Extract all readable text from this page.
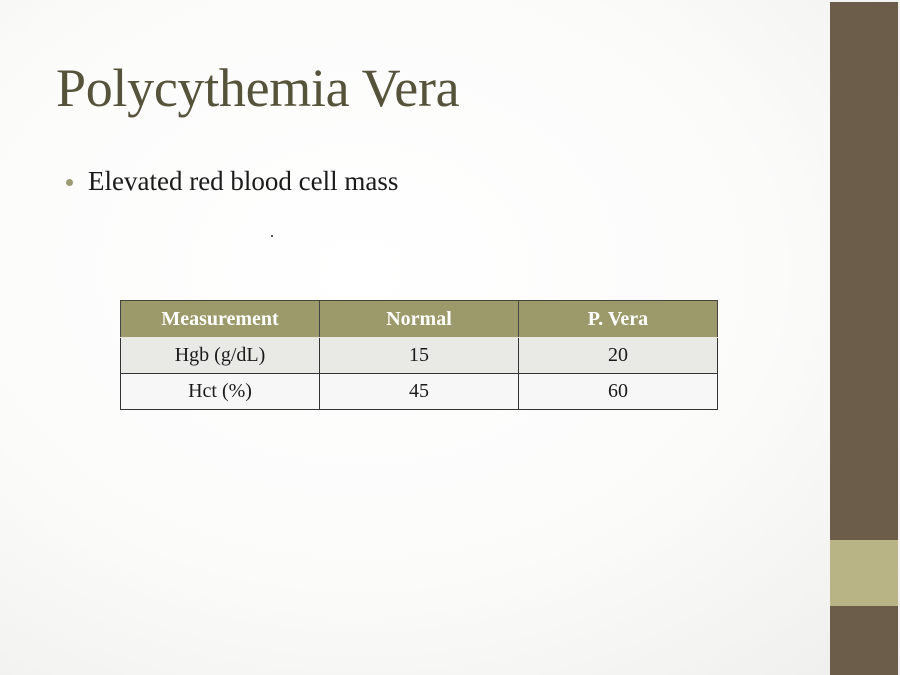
Polycythemia Vera
Elevated red blood cell mass
Measurement	Normal	P. Vera
Hgb (g/dL)	15	20
Hct (%)	45	60
